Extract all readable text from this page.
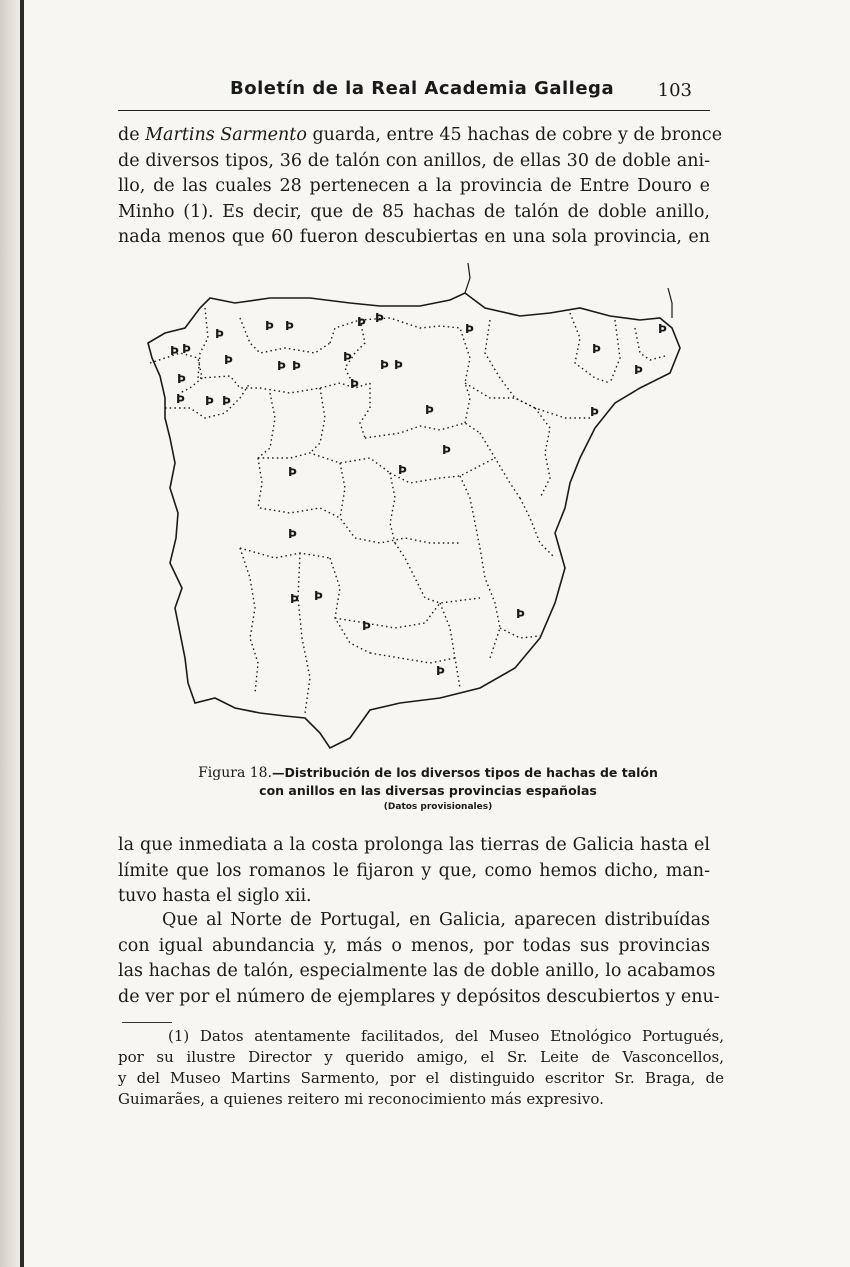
Boletín de la Real Academia Gallega 103

de Martins Sarmento guarda, entre 45 hachas de cobre y de bronce
de diversos tipos, 36 de talón con anillos, de ellas 30 de doble ani-
llo, de las cuales 28 pertenecen a la provincia de Entre Douro e
Minho (1). Es decir, que de 85 hachas de talón de doble anillo,
nada menos que 60 fueron descubiertas en una sola provincia, en

Þ Þ
Þ
Þ
Þ
Þ
Þ Þ
Þ Þ
Þ Þ
Þ
Þ Þ
Þ
Þ Þ
Þ
Þ
Þ
Þ
Þ
Þ
Þ Þ
Þ
Þ
Þ
Þ
Þ
Þ
Þ
Figura 18.—Distribución de los diversos tipos de hachas de talón
con anillos en las diversas provincias españolas
(Datos provisionales)

la que inmediata a la costa prolonga las tierras de Galicia hasta el
límite que los romanos le fijaron y que, como hemos dicho, man-
tuvo hasta el siglo xii.

Que al Norte de Portugal, en Galicia, aparecen distribuídas
con igual abundancia y, más o menos, por todas sus provincias
las hachas de talón, especialmente las de doble anillo, lo acabamos
de ver por el número de ejemplares y depósitos descubiertos y enu-

(1) Datos atentamente facilitados, del Museo Etnológico Portugués,
por su ilustre Director y querido amigo, el Sr. Leite de Vasconcellos,
y del Museo Martins Sarmento, por el distinguido escritor Sr. Braga, de
Guimarães, a quienes reitero mi reconocimiento más expresivo.
